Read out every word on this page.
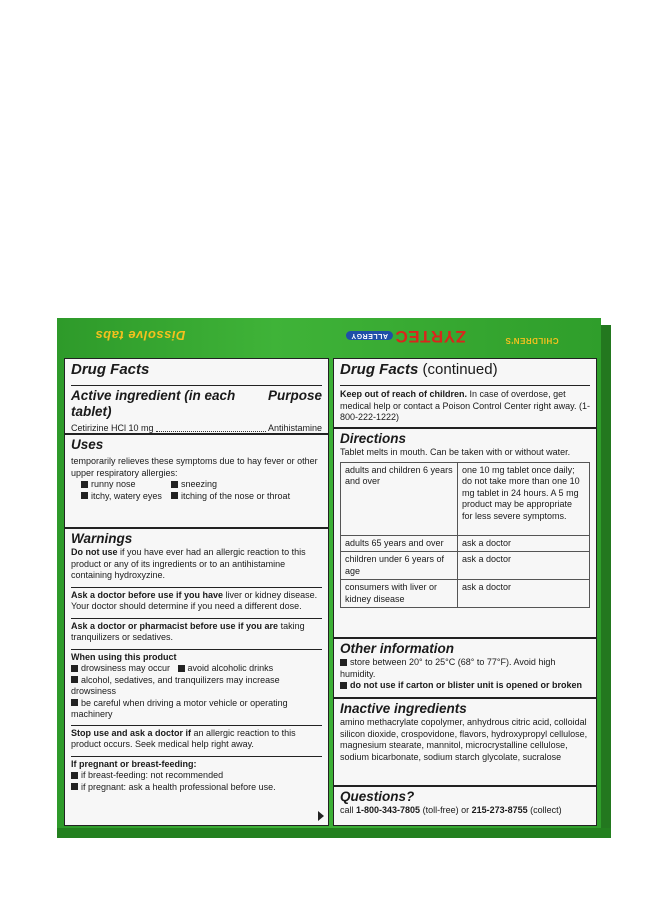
Dissolve tabs	ALLERGY ZYRTEC	CHILDREN'S
Drug Facts
Active ingredient (in each tablet)
Purpose
Cetirizine HCl 10 mg	Antihistamine
Uses
temporarily relieves these symptoms due to hay fever or other upper respiratory allergies:
runny nose	sneezing
itchy, watery eyes	itching of the nose or throat
Warnings
Do not use if you have ever had an allergic reaction to this product or any of its ingredients or to an antihistamine containing hydroxyzine.
Ask a doctor before use if you have liver or kidney disease. Your doctor should determine if you need a different dose.
Ask a doctor or pharmacist before use if you are taking tranquilizers or sedatives.
When using this product
drowsiness may occur avoid alcoholic drinks
alcohol, sedatives, and tranquilizers may increase drowsiness
be careful when driving a motor vehicle or operating machinery
Stop use and ask a doctor if an allergic reaction to this product occurs. Seek medical help right away.
If pregnant or breast-feeding:
if breast-feeding: not recommended
if pregnant: ask a health professional before use.
Drug Facts (continued)
Keep out of reach of children. In case of overdose, get medical help or contact a Poison Control Center right away. (1-800-222-1222)
Directions
Tablet melts in mouth. Can be taken with or without water.
adults and children 6 years and over	one 10 mg tablet once daily; do not take more than one 10 mg tablet in 24 hours. A 5 mg product may be appropriate for less severe symptoms.
adults 65 years and over	ask a doctor
children under 6 years of age	ask a doctor
consumers with liver or kidney disease	ask a doctor
Other information
store between 20° to 25°C (68° to 77°F). Avoid high humidity.
do not use if carton or blister unit is opened or broken
Inactive ingredients
amino methacrylate copolymer, anhydrous citric acid, colloidal silicon dioxide, crospovidone, flavors, hydroxypropyl cellulose, magnesium stearate, mannitol, microcrystalline cellulose, sodium bicarbonate, sodium starch glycolate, sucralose
Questions?
call 1-800-343-7805 (toll-free) or 215-273-8755 (collect)
